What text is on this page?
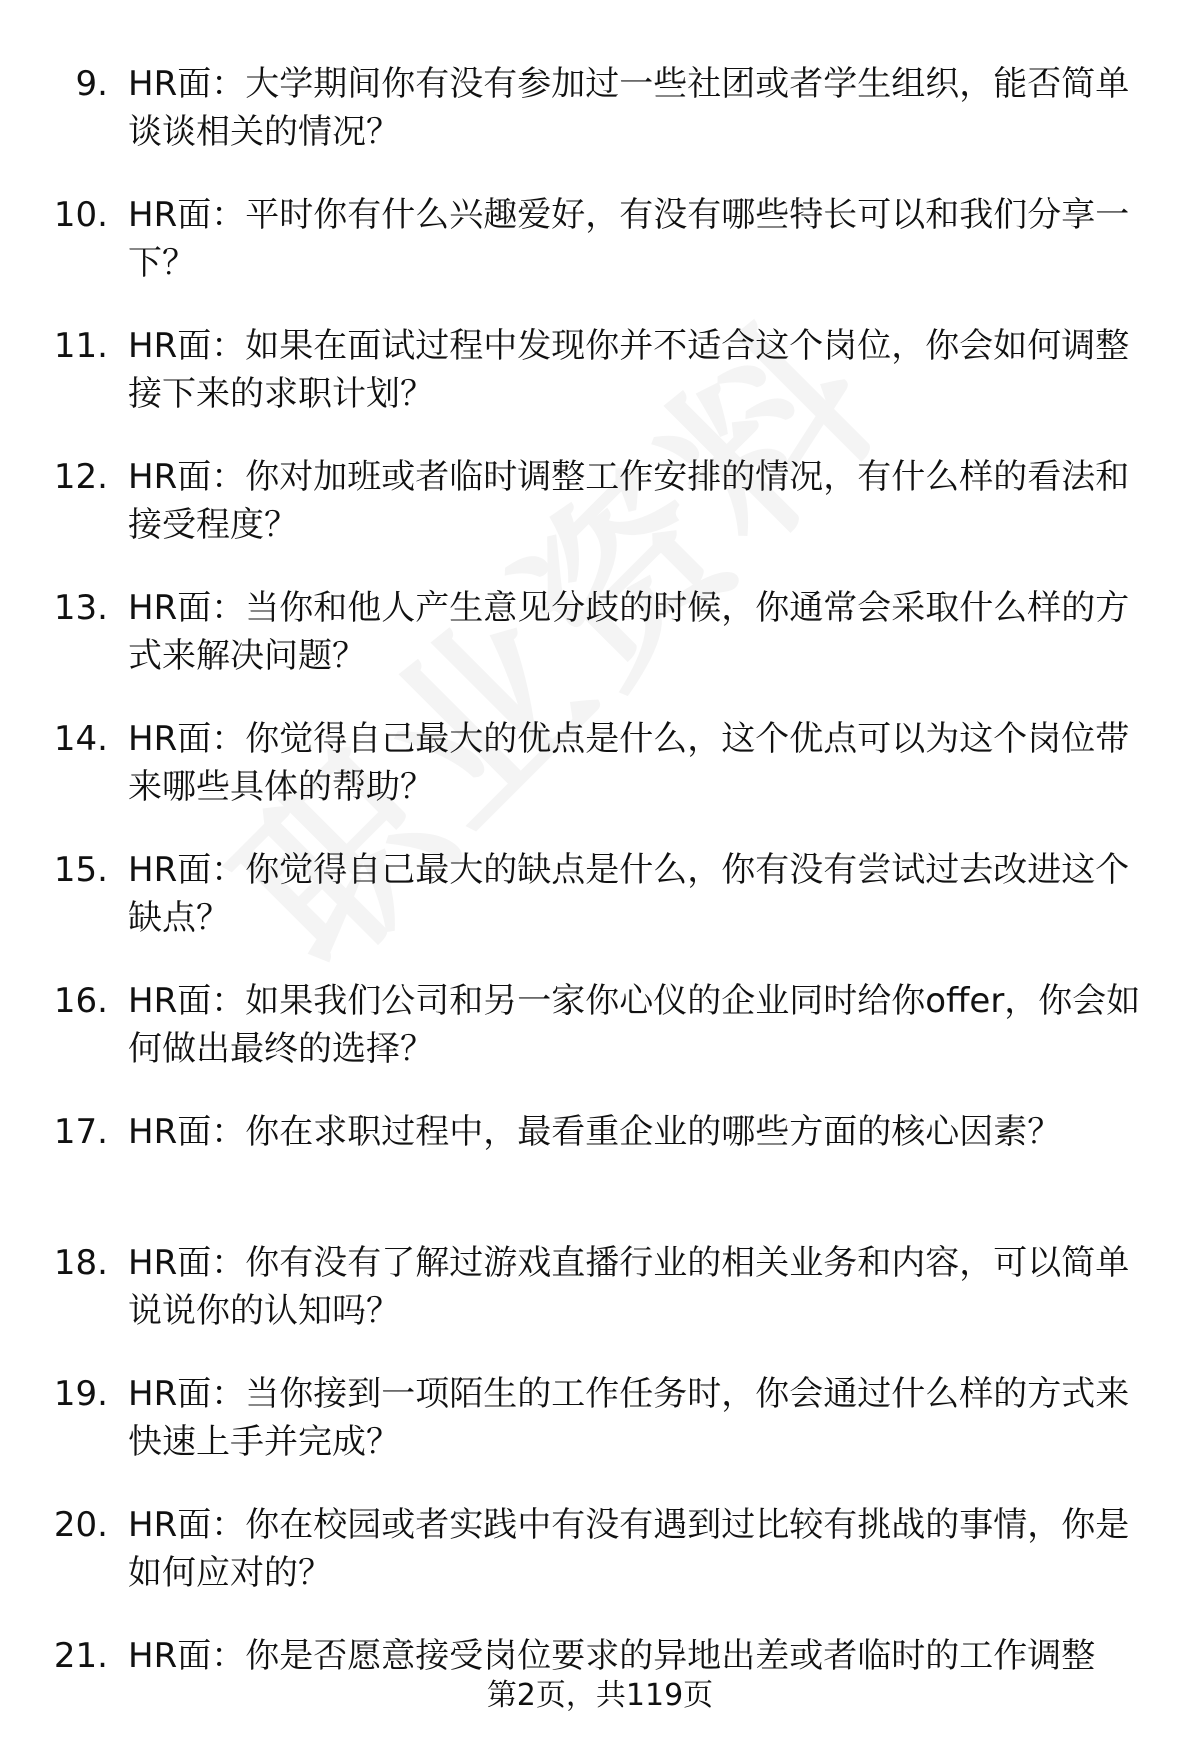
9. HR面：大学期间你有没有参加过一些社团或者学生组织，能否简单谈谈相关的情况？
10. HR面：平时你有什么兴趣爱好，有没有哪些特长可以和我们分享一下？
11. HR面：如果在面试过程中发现你并不适合这个岗位，你会如何调整接下来的求职计划？
12. HR面：你对加班或者临时调整工作安排的情况，有什么样的看法和接受程度？
13. HR面：当你和他人产生意见分歧的时候，你通常会采取什么样的方式来解决问题？
14. HR面：你觉得自己最大的优点是什么，这个优点可以为这个岗位带来哪些具体的帮助？
15. HR面：你觉得自己最大的缺点是什么，你有没有尝试过去改进这个缺点？
16. HR面：如果我们公司和另一家你心仪的企业同时给你offer，你会如何做出最终的选择？
17. HR面：你在求职过程中，最看重企业的哪些方面的核心因素？
18. HR面：你有没有了解过游戏直播行业的相关业务和内容，可以简单说说你的认知吗？
19. HR面：当你接到一项陌生的工作任务时，你会通过什么样的方式来快速上手并完成？
20. HR面：你在校园或者实践中有没有遇到过比较有挑战的事情，你是如何应对的？
21. HR面：你是否愿意接受岗位要求的异地出差或者临时的工作调整
第2页，共119页
